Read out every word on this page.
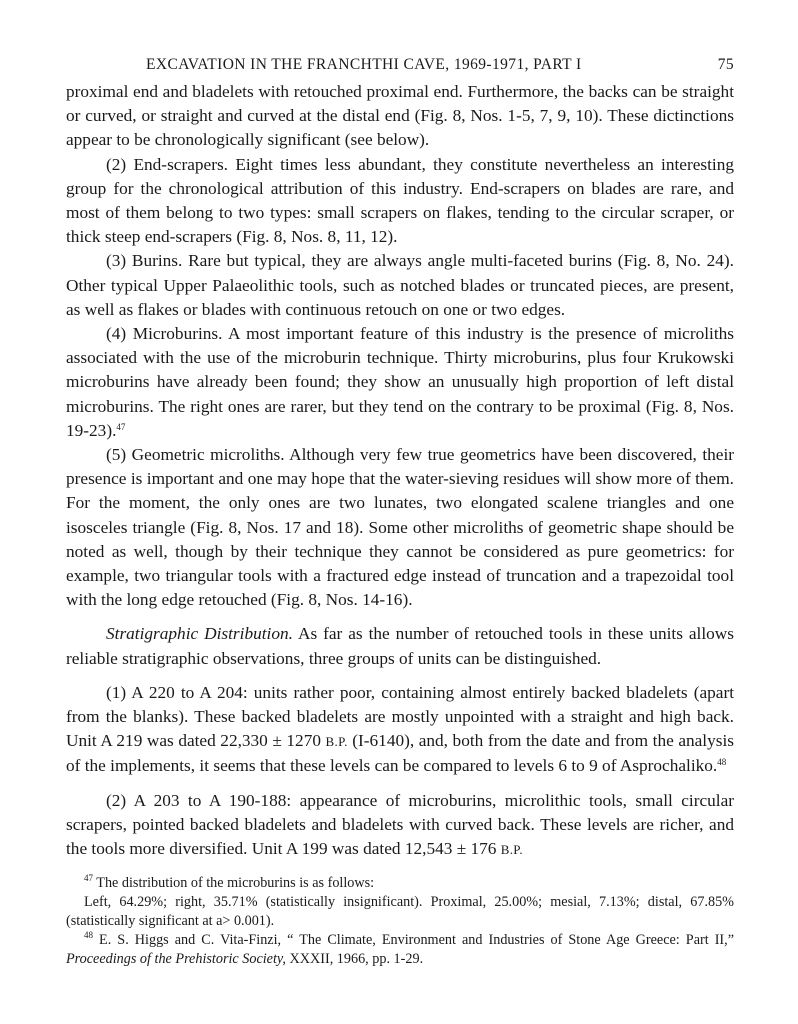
EXCAVATION IN THE FRANCHTHI CAVE, 1969-1971, PART I	75

proximal end and bladelets with retouched proximal end. Furthermore, the backs can be straight or curved, or straight and curved at the distal end (Fig. 8, Nos. 1-5, 7, 9, 10). These dictinctions appear to be chronologically significant (see below).

(2) End-scrapers. Eight times less abundant, they constitute nevertheless an interesting group for the chronological attribution of this industry. End-scrapers on blades are rare, and most of them belong to two types: small scrapers on flakes, tending to the circular scraper, or thick steep end-scrapers (Fig. 8, Nos. 8, 11, 12).

(3) Burins. Rare but typical, they are always angle multi-faceted burins (Fig. 8, No. 24). Other typical Upper Palaeolithic tools, such as notched blades or truncated pieces, are present, as well as flakes or blades with continuous retouch on one or two edges.

(4) Microburins. A most important feature of this industry is the presence of microliths associated with the use of the microburin technique. Thirty microburins, plus four Krukowski microburins have already been found; they show an unusually high proportion of left distal microburins. The right ones are rarer, but they tend on the contrary to be proximal (Fig. 8, Nos. 19-23).$^{47}$

(5) Geometric microliths. Although very few true geometrics have been discovered, their presence is important and one may hope that the water-sieving residues will show more of them. For the moment, the only ones are two lunates, two elongated scalene triangles and one isosceles triangle (Fig. 8, Nos. 17 and 18). Some other microliths of geometric shape should be noted as well, though by their technique they cannot be considered as pure geometrics: for example, two triangular tools with a fractured edge instead of truncation and a trapezoidal tool with the long edge retouched (Fig. 8, Nos. 14-16).

Stratigraphic Distribution. As far as the number of retouched tools in these units allows reliable stratigraphic observations, three groups of units can be distinguished.

(1) A 220 to A 204: units rather poor, containing almost entirely backed bladelets (apart from the blanks). These backed bladelets are mostly unpointed with a straight and high back. Unit A 219 was dated 22,330 ± 1270 B.P. (I-6140), and, both from the date and from the analysis of the implements, it seems that these levels can be compared to levels 6 to 9 of Asprochaliko.$^{48}$

(2) A 203 to A 190-188: appearance of microburins, microlithic tools, small circular scrapers, pointed backed bladelets and bladelets with curved back. These levels are richer, and the tools more diversified. Unit A 199 was dated 12,543 ± 176 B.P.

$^{47}$ The distribution of the microburins is as follows:

Left, 64.29%; right, 35.71% (statistically insignificant). Proximal, 25.00%; mesial, 7.13%; distal, 67.85% (statistically significant at a> 0.001).

$^{48}$ E. S. Higgs and C. Vita-Finzi, “ The Climate, Environment and Industries of Stone Age Greece: Part II,” Proceedings of the Prehistoric Society, XXXII, 1966, pp. 1-29.
